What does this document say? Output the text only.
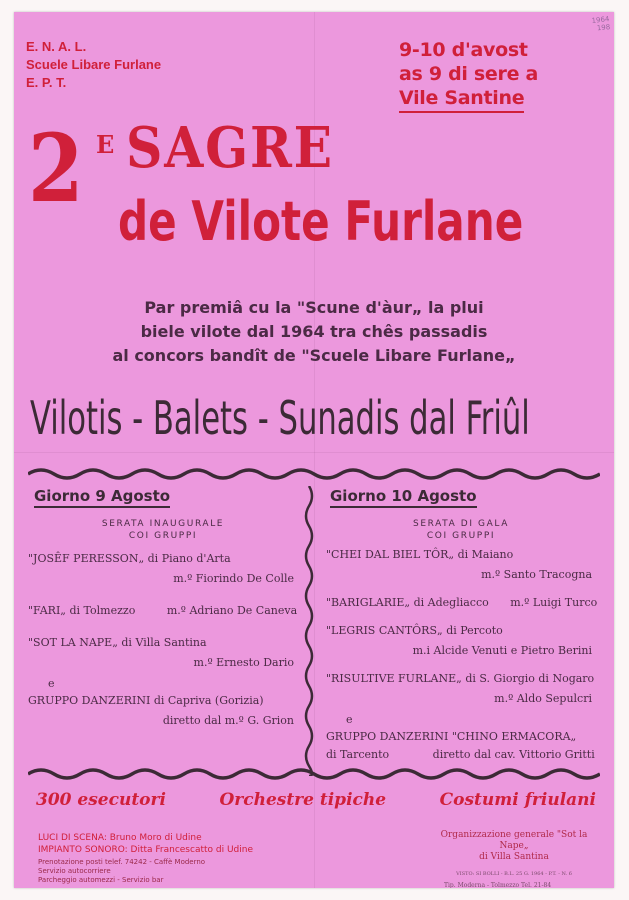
1964
198
E. N. A. L.
Scuele Libare Furlane
E. P. T.
9-10 d'avost
as 9 di sere a
Vile Santine
2 E SAGRE
de Vilote Furlane
Par premiâ cu la "Scune d'àur„ la plui
biele vilote dal 1964 tra chês passadis
al concors bandît de "Scuele Libare Furlane„
Vilotis - Balets - Sunadis dal Friûl
Giorno 9 Agosto
SERATA INAUGURALE
COI GRUPPI
"JOSÊF PERESSON„ di Piano d'Arta
m.º Fiorindo De Colle
"FARI„ di Tolmezzo	m.º Adriano De Caneva
"SOT LA NAPE„ di Villa Santina
m.º Ernesto Dario
e
GRUPPO DANZERINI di Capriva (Gorizia)
diretto dal m.º G. Grion
Giorno 10 Agosto
SERATA DI GALA
COI GRUPPI
"CHEI DAL BIEL TÔR„ di Maiano
m.º Santo Tracogna
"BARIGLARIE„ di Adegliacco m.º Luigi Turco
"LEGRIS CANTÔRS„ di Percoto
m.i Alcide Venuti e Pietro Berini
"RISULTIVE FURLANE„ di S. Giorgio di Nogaro
m.º Aldo Sepulcri
e
GRUPPO DANZERINI "CHINO ERMACORA„
di Tarcento	diretto dal cav. Vittorio Gritti
300 esecutori	Orchestre tipiche	Costumi friulani
LUCI DI SCENA: Bruno Moro di Udine
IMPIANTO SONORO: Ditta Francescatto di Udine
Prenotazione posti telef. 74242 - Caffè Moderno
Servizio autocorriere
Parcheggio automezzi - Servizio bar
Organizzazione generale "Sot la Nape„
di Villa Santina
VISTO: SI BOLLI - B.L. 25 G. 1964 - P.T. - N. 6
Tip. Moderna - Tolmezzo Tel. 21-84
